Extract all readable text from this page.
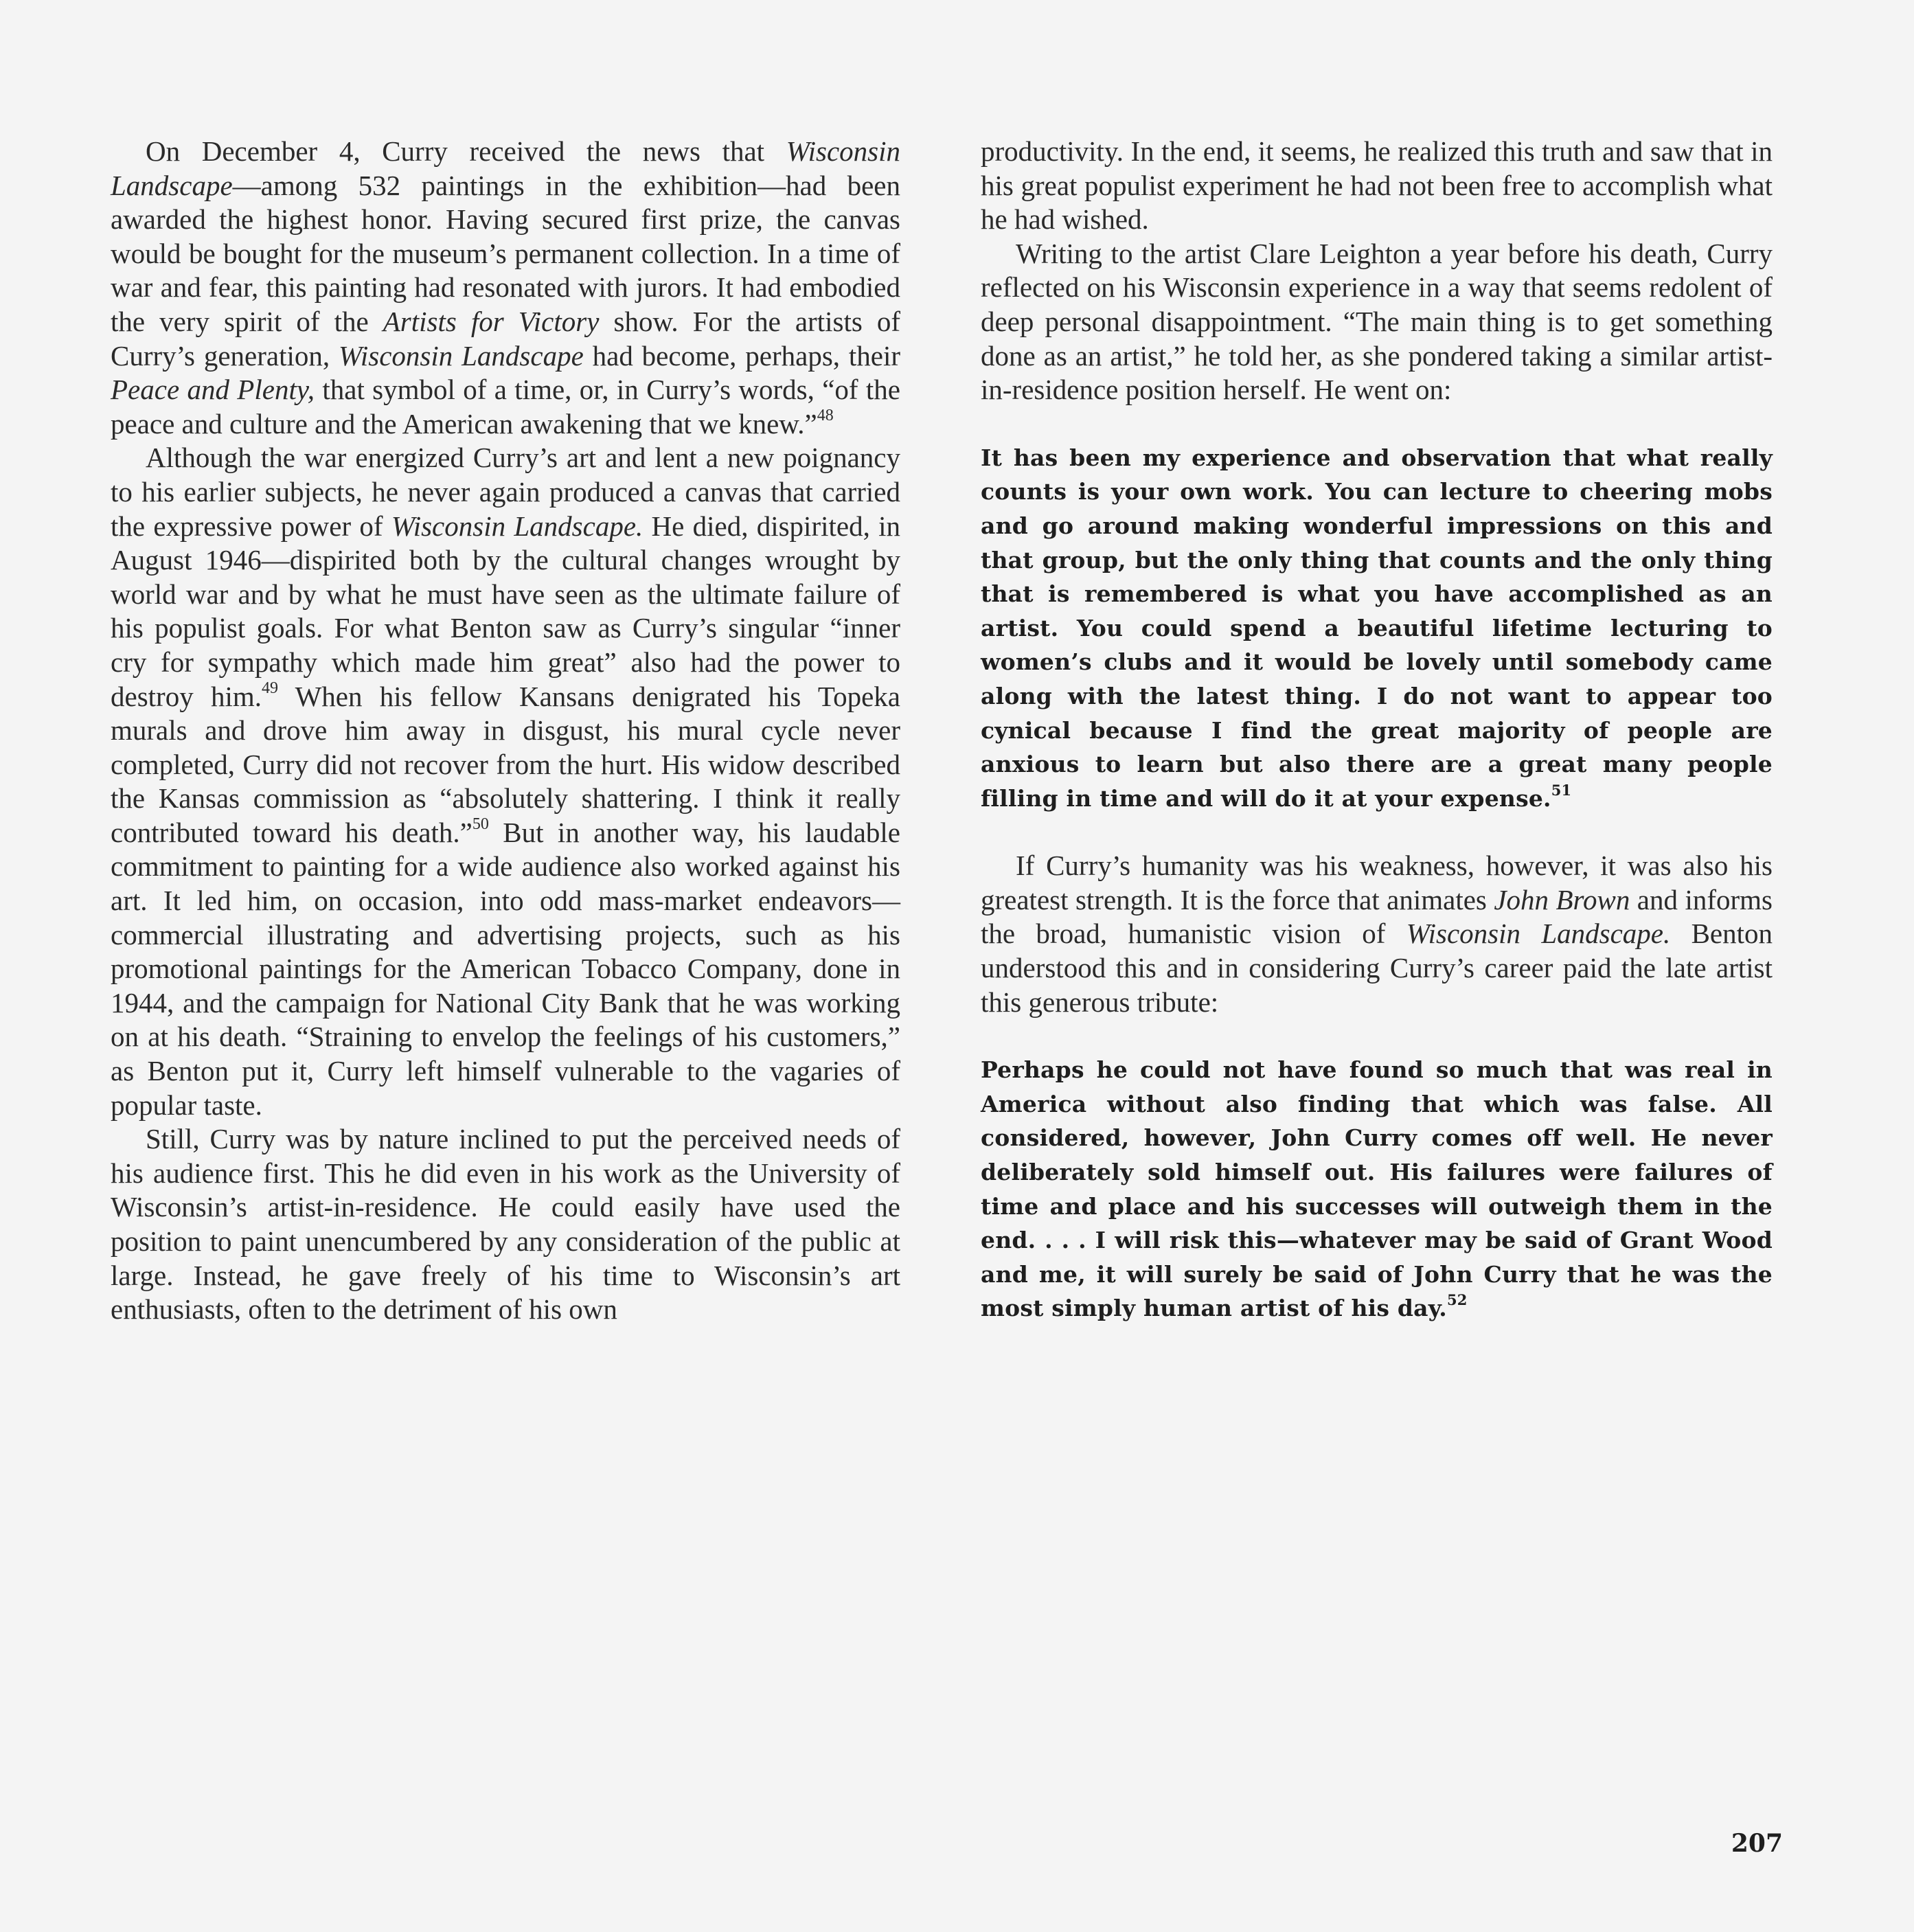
On December 4, Curry received the news that Wisconsin Landscape—among 532 paintings in the exhibition—had been awarded the highest honor. Having secured first prize, the canvas would be bought for the museum’s permanent collection. In a time of war and fear, this painting had resonated with jurors. It had embodied the very spirit of the Artists for Victory show. For the artists of Curry’s generation, Wisconsin Landscape had become, perhaps, their Peace and Plenty, that symbol of a time, or, in Curry’s words, “of the peace and culture and the American awakening that we knew.”$^{48}$

Although the war energized Curry’s art and lent a new poignancy to his earlier subjects, he never again produced a canvas that carried the expressive power of Wisconsin Landscape. He died, dispirited, in August 1946—dispirited both by the cultural changes wrought by world war and by what he must have seen as the ultimate failure of his populist goals. For what Benton saw as Curry’s singular “inner cry for sympathy which made him great” also had the power to destroy him.$^{49}$ When his fellow Kansans denigrated his Topeka murals and drove him away in disgust, his mural cycle never completed, Curry did not recover from the hurt. His widow described the Kansas commission as “absolutely shattering. I think it really contributed toward his death.”$^{50}$ But in another way, his laudable commitment to painting for a wide audience also worked against his art. It led him, on occasion, into odd mass-market endeavors—commercial illustrating and advertising projects, such as his promotional paintings for the American Tobacco Company, done in 1944, and the campaign for National City Bank that he was working on at his death. “Straining to envelop the feelings of his customers,” as Benton put it, Curry left himself vulnerable to the vagaries of popular taste.

Still, Curry was by nature inclined to put the perceived needs of his audience first. This he did even in his work as the University of Wisconsin’s artist-in-residence. He could easily have used the position to paint unencumbered by any consideration of the public at large. Instead, he gave freely of his time to Wisconsin’s art enthusiasts, often to the detriment of his own

productivity. In the end, it seems, he realized this truth and saw that in his great populist experiment he had not been free to accomplish what he had wished.

Writing to the artist Clare Leighton a year before his death, Curry reflected on his Wisconsin experience in a way that seems redolent of deep personal disappointment. “The main thing is to get something done as an artist,” he told her, as she pondered taking a similar artist-in-residence position herself. He went on:

It has been my experience and observation that what really counts is your own work. You can lecture to cheering mobs and go around making wonderful impressions on this and that group, but the only thing that counts and the only thing that is remembered is what you have accomplished as an artist. You could spend a beautiful lifetime lecturing to women’s clubs and it would be lovely until somebody came along with the latest thing. I do not want to appear too cynical because I find the great majority of people are anxious to learn but also there are a great many people filling in time and will do it at your expense.$^{51}$

If Curry’s humanity was his weakness, however, it was also his greatest strength. It is the force that animates John Brown and informs the broad, humanistic vision of Wisconsin Landscape. Benton understood this and in considering Curry’s career paid the late artist this generous tribute:

Perhaps he could not have found so much that was real in America without also finding that which was false. All considered, however, John Curry comes off well. He never deliberately sold himself out. His failures were failures of time and place and his successes will outweigh them in the end. . . . I will risk this—whatever may be said of Grant Wood and me, it will surely be said of John Curry that he was the most simply human artist of his day.$^{52}$

207
